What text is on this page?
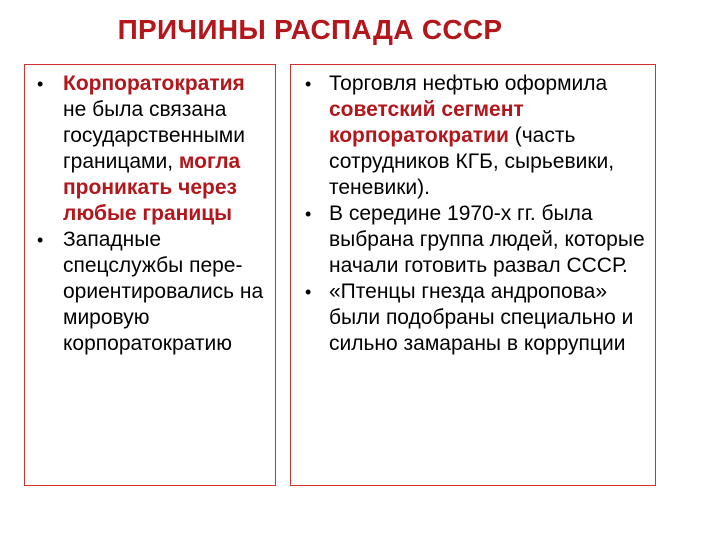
ПРИЧИНЫ РАСПАДА СССР
• Корпоратократия не была связана государственными границами, могла проникать через любые границы
• Западные спецслужбы пере-ориентировались на мировую корпоратократию
• Торговля нефтью оформила советский сегмент корпоратократии (часть сотрудников КГБ, сырьевики, теневики).
• В середине 1970-х гг. была выбрана группа людей, которые начали готовить развал СССР.
• «Птенцы гнезда андропова» были подобраны специально и сильно замараны в коррупции
